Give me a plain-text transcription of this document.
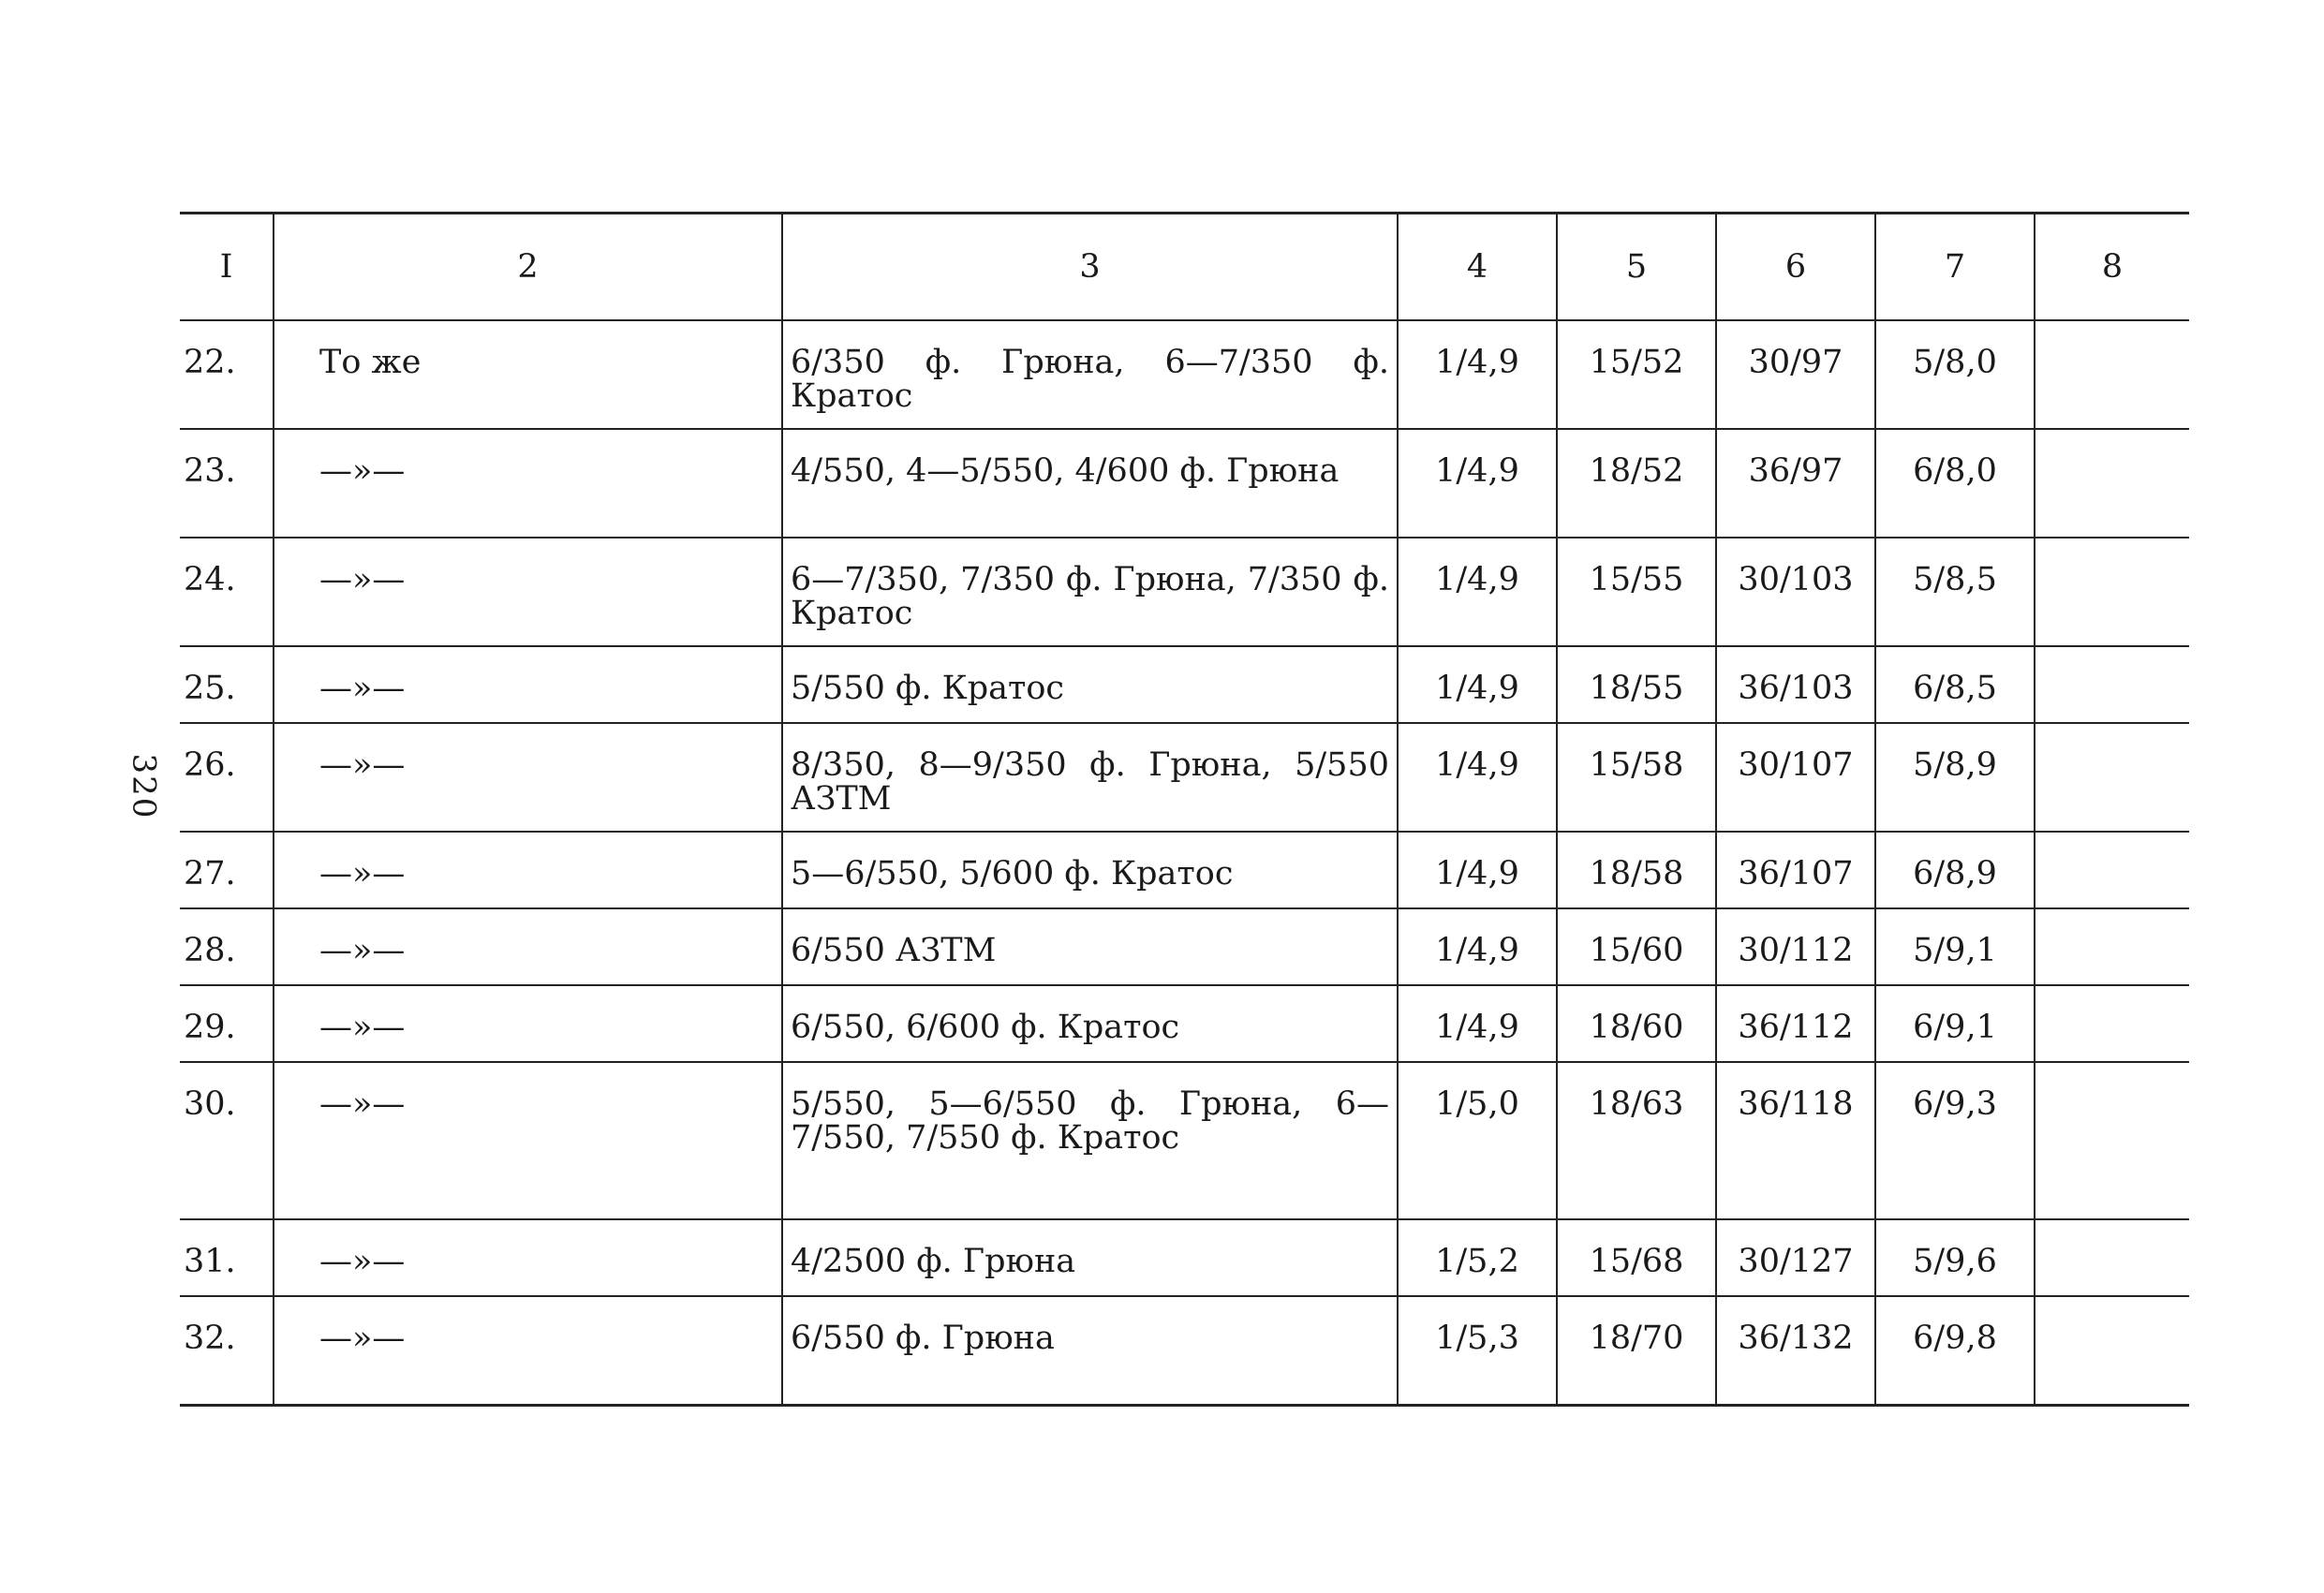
320
I	2	3	4	5	6	7	8
22.	То же	6/350 ф. Грюна, 6—7/350 ф. Кратос	1/4,9	15/52	30/97	5/8,0	
23.	—»—	4/550, 4—5/550, 4/600 ф. Грюна	1/4,9	18/52	36/97	6/8,0	
24.	—»—	6—7/350, 7/350 ф. Грюна, 7/350 ф. Кратос	1/4,9	15/55	30/103	5/8,5	
25.	—»—	5/550 ф. Кратос	1/4,9	18/55	36/103	6/8,5	
26.	—»—	8/350, 8—9/350 ф. Грюна, 5/550 АЗТМ	1/4,9	15/58	30/107	5/8,9	
27.	—»—	5—6/550, 5/600 ф. Кратос	1/4,9	18/58	36/107	6/8,9	
28.	—»—	6/550 АЗТМ	1/4,9	15/60	30/112	5/9,1	
29.	—»—	6/550, 6/600 ф. Кратос	1/4,9	18/60	36/112	6/9,1	
30.	—»—	5/550, 5—6/550 ф. Грюна, 6—7/550, 7/550 ф. Кратос	1/5,0	18/63	36/118	6/9,3	
31.	—»—	4/2500 ф. Грюна	1/5,2	15/68	30/127	5/9,6	
32.	—»—	6/550 ф. Грюна	1/5,3	18/70	36/132	6/9,8	
